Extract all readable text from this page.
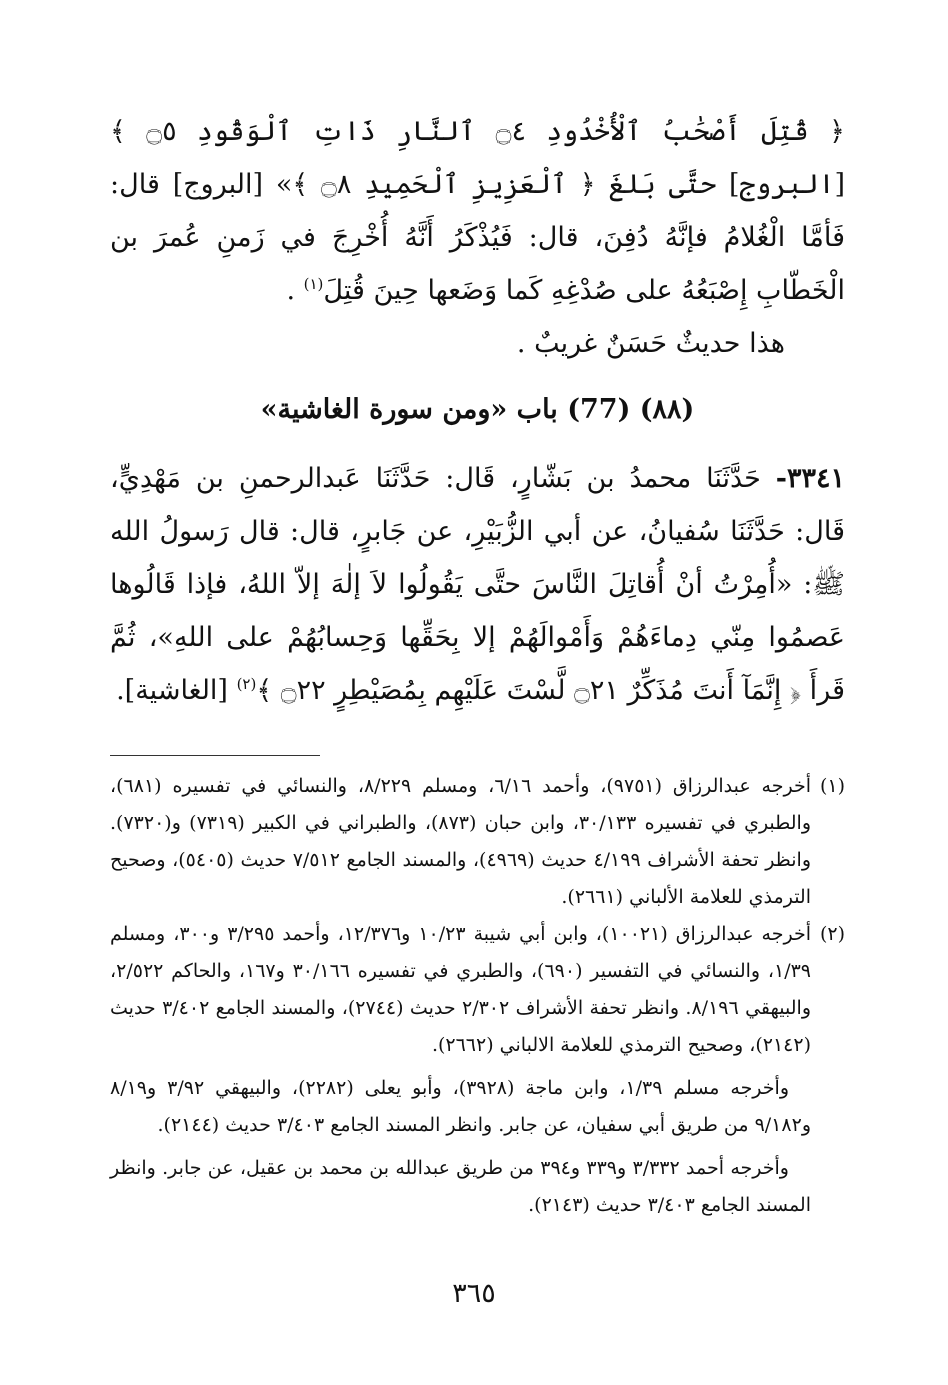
﴿ قُتِلَ أَصْحَٰبُ ٱلْأُخْدُودِ ۝٤ ٱلنَّارِ ذَاتِ ٱلْوَقُودِ ۝٥ ﴾ [البروج] حتَّى بَلغَ ﴿ ٱلْعَزِيزِ ٱلْحَمِيدِ ۝٨ ﴾» [البروج] قال: فَأمَّا الْغُلامُ فإنَّهُ دُفِنَ، قال: فَيُذْكَرُ أَنَّهُ أُخْرِجَ في زَمنِ عُمرَ بن الْخَطّابِ إِصْبَعُهُ على صُدْغِهِ كَما وَضَعها حِينَ قُتِلَ$^{(١)}$ .

هذا حديثٌ حَسَنٌ غريبٌ .

(٨٨) (77) باب «ومن سورة الغاشية»

٣٣٤١- حَدَّثَنَا محمدُ بن بَشّارٍ، قَال: حَدَّثَنَا عَبدالرحمنِ بن مَهْدِيٍّ، قَال: حَدَّثَنَا سُفيانُ، عن أبي الزُّبَيْرِ، عن جَابرٍ، قال: قال رَسولُ الله ﷺ: «أُمِرْتُ أنْ أُقاتِلَ النَّاسَ حتَّى يَقُولُوا لاَ إلٰهَ إلاّ اللهُ، فإذا قَالُوها عَصمُوا مِنّي دِماءَهُمْ وَأَمْوالَهُمْ إلا بِحَقِّها وَحِسابُهُمْ على اللهِ»، ثُمَّ قَرأَ ﴿ إِنَّمَآ أَنتَ مُذَكِّرٌ ۝٢١ لَّسْتَ عَلَيْهِم بِمُصَيْطِرٍ ۝٢٢ ﴾$^{(٢)}$ [الغاشية].

(١)
أخرجه عبدالرزاق (٩٧٥١)، وأحمد ٦/١٦، ومسلم ٨/٢٢٩، والنسائي في تفسيره (٦٨١)، والطبري في تفسيره ٣٠/١٣٣، وابن حبان (٨٧٣)، والطبراني في الكبير (٧٣١٩) و(٧٣٢٠). وانظر تحفة الأشراف ٤/١٩٩ حديث (٤٩٦٩)، والمسند الجامع ٧/٥١٢ حديث (٥٤٠٥)، وصحيح الترمذي للعلامة الألباني (٢٦٦١).

(٢)
أخرجه عبدالرزاق (١٠٠٢١)، وابن أبي شيبة ١٠/٢٣ و١٢/٣٧٦، وأحمد ٣/٢٩٥ و٣٠٠، ومسلم ١/٣٩، والنسائي في التفسير (٦٩٠)، والطبري في تفسيره ٣٠/١٦٦ و١٦٧، والحاكم ٢/٥٢٢، والبيهقي ٨/١٩٦. وانظر تحفة الأشراف ٢/٣٠٢ حديث (٢٧٤٤)، والمسند الجامع ٣/٤٠٢ حديث (٢١٤٢)، وصحيح الترمذي للعلامة الالباني (٢٦٦٢).

وأخرجه مسلم ١/٣٩، وابن ماجة (٣٩٢٨)، وأبو يعلى (٢٢٨٢)، والبيهقي ٣/٩٢ و٨/١٩ و٩/١٨٢ من طريق أبي سفيان، عن جابر. وانظر المسند الجامع ٣/٤٠٣ حديث (٢١٤٤).

وأخرجه أحمد ٣/٣٣٢ و٣٣٩ و٣٩٤ من طريق عبدالله بن محمد بن عقيل، عن جابر. وانظر المسند الجامع ٣/٤٠٣ حديث (٢١٤٣).

٣٦٥
